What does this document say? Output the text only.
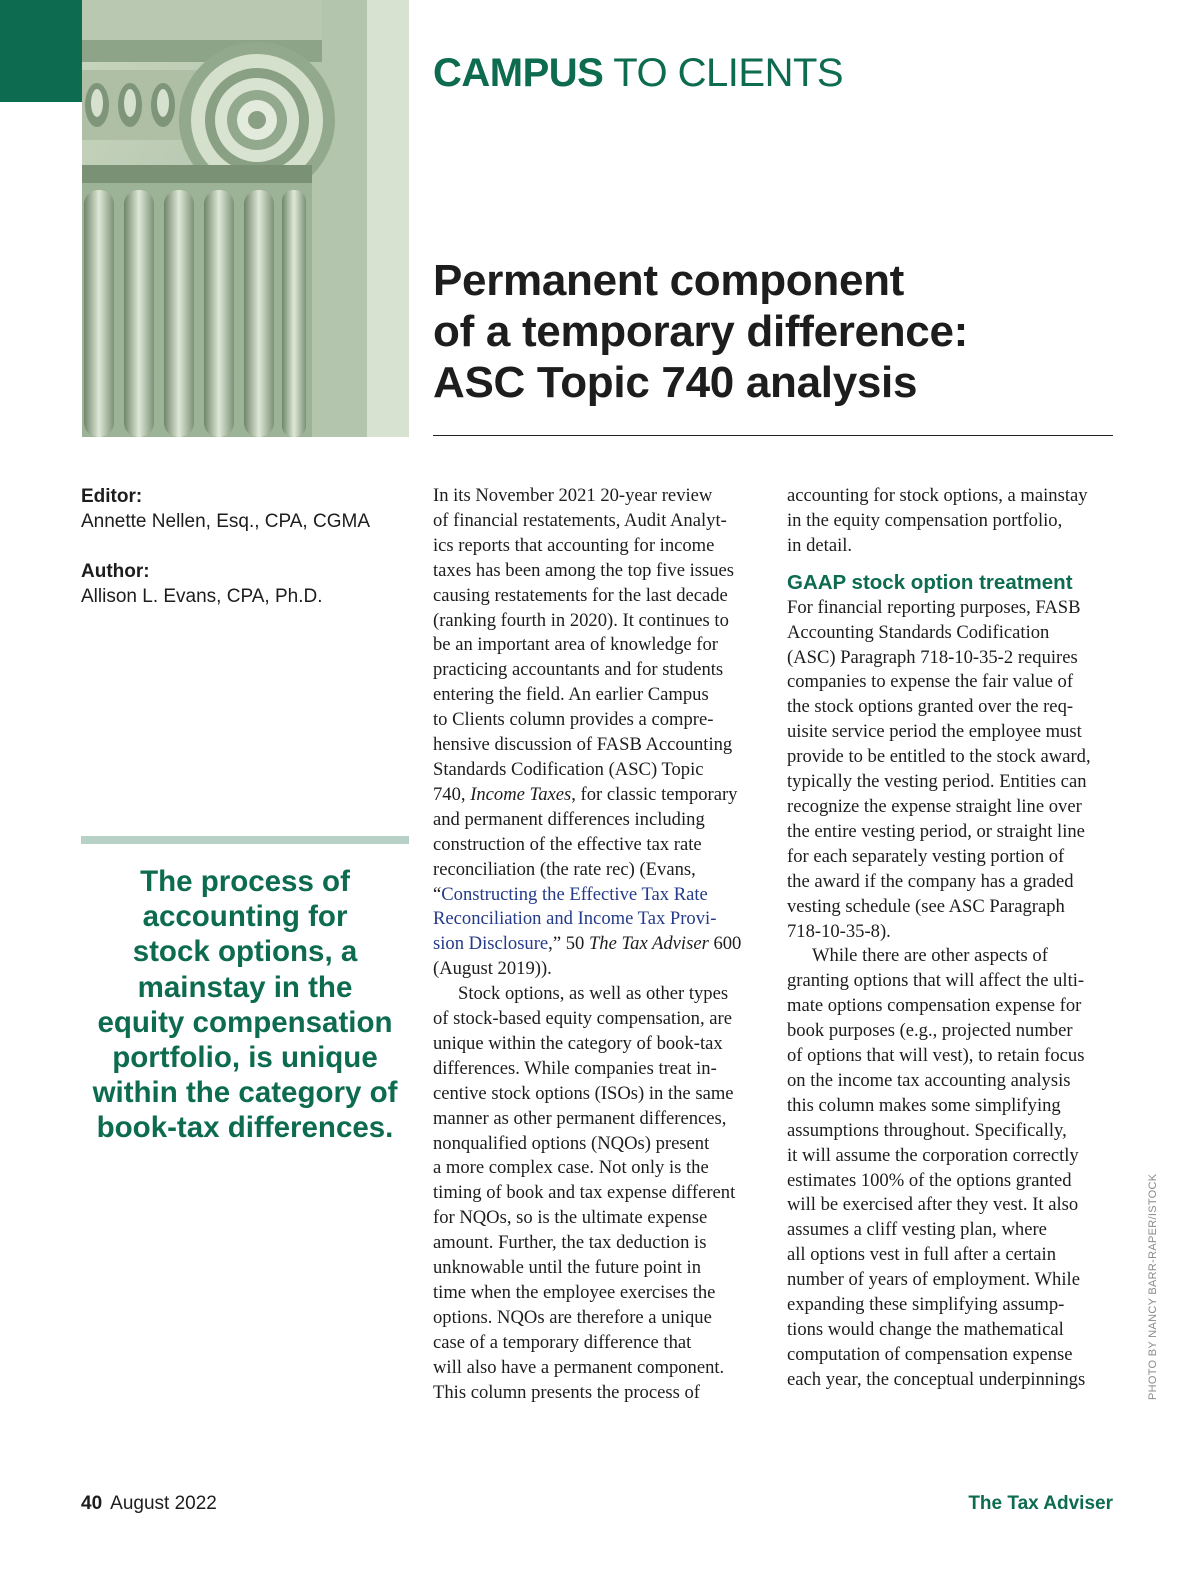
CAMPUS TO CLIENTS
Permanent component
of a temporary difference:
ASC Topic 740 analysis
Editor:
Annette Nellen, Esq., CPA, CGMA
Author:
Allison L. Evans, CPA, Ph.D.

The process of
accounting for
stock options, a
mainstay in the
equity compensation
portfolio, is unique
within the category of
book-tax differences.

In its November 2021 20-year review
of financial restatements, Audit Analyt-
ics reports that accounting for income
taxes has been among the top five issues
causing restatements for the last decade
(ranking fourth in 2020). It continues to
be an important area of knowledge for
practicing accountants and for students
entering the field. An earlier Campus
to Clients column provides a compre-
hensive discussion of FASB Accounting
Standards Codification (ASC) Topic
740, Income Taxes, for classic temporary
and permanent differences including
construction of the effective tax rate
reconciliation (the rate rec) (Evans,
“Constructing the Effective Tax Rate
Reconciliation and Income Tax Provi-
sion Disclosure,” 50 The Tax Adviser 600
(August 2019)).
Stock options, as well as other types
of stock-based equity compensation, are
unique within the category of book-tax
differences. While companies treat in-
centive stock options (ISOs) in the same
manner as other permanent differences,
nonqualified options (NQOs) present
a more complex case. Not only is the
timing of book and tax expense different
for NQOs, so is the ultimate expense
amount. Further, the tax deduction is
unknowable until the future point in
time when the employee exercises the
options. NQOs are therefore a unique
case of a temporary difference that
will also have a permanent component.
This column presents the process of
accounting for stock options, a mainstay
in the equity compensation portfolio,
in detail.
GAAP stock option treatment
For financial reporting purposes, FASB
Accounting Standards Codification
(ASC) Paragraph 718-10-35-2 requires
companies to expense the fair value of
the stock options granted over the req-
uisite service period the employee must
provide to be entitled to the stock award,
typically the vesting period. Entities can
recognize the expense straight line over
the entire vesting period, or straight line
for each separately vesting portion of
the award if the company has a graded
vesting schedule (see ASC Paragraph
718-10-35-8).
While there are other aspects of
granting options that will affect the ulti-
mate options compensation expense for
book purposes (e.g., projected number
of options that will vest), to retain focus
on the income tax accounting analysis
this column makes some simplifying
assumptions throughout. Specifically,
it will assume the corporation correctly
estimates 100% of the options granted
will be exercised after they vest. It also
assumes a cliff vesting plan, where
all options vest in full after a certain
number of years of employment. While
expanding these simplifying assump-
tions would change the mathematical
computation of compensation expense
each year, the conceptual underpinnings	PHOTO BY NANCY BARR-RAPER/ISTOCK
40 August 2022	The Tax Adviser
